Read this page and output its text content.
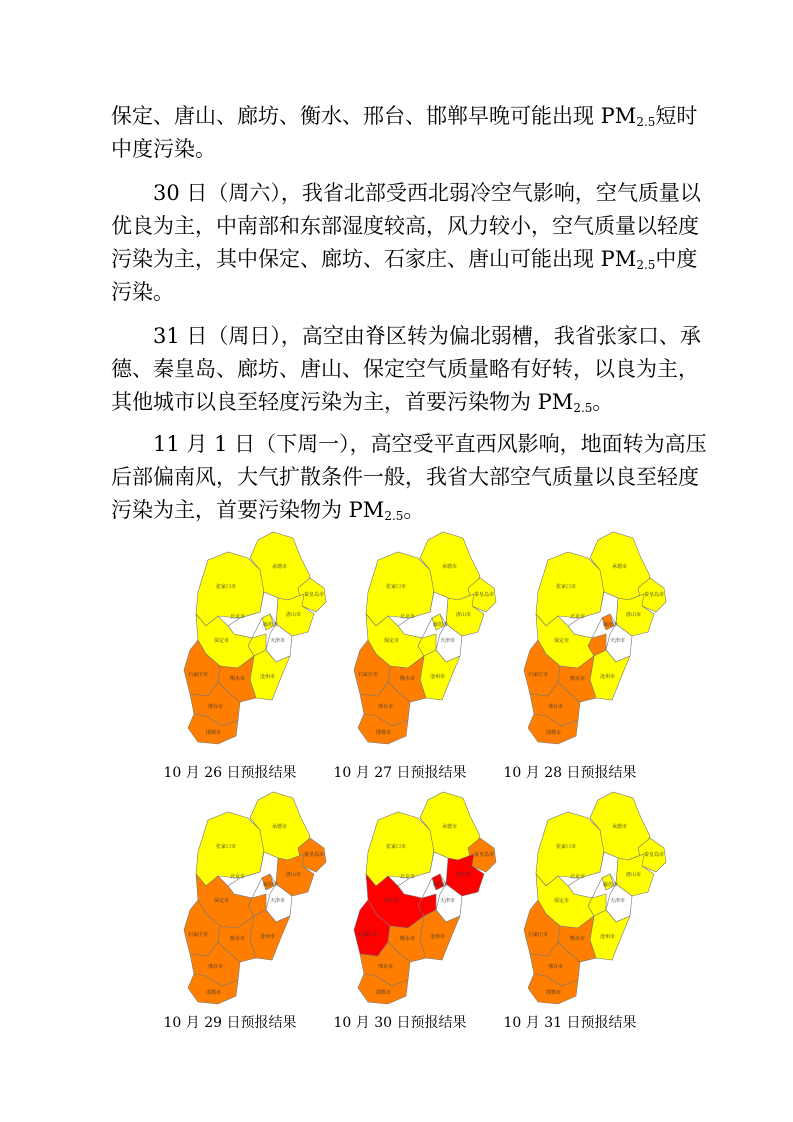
保定、唐山、廊坊、衡水、邢台、邯郸早晚可能出现 $PM_{2.5}$短时中度污染。

30 日（周六），我省北部受西北弱冷空气影响，空气质量以优良为主，中南部和东部湿度较高，风力较小，空气质量以轻度污染为主，其中保定、廊坊、石家庄、唐山可能出现 $PM_{2.5}$中度污染。

31 日（周日），高空由脊区转为偏北弱槽，我省张家口、承德、秦皇岛、廊坊、唐山、保定空气质量略有好转，以良为主，其他城市以良至轻度污染为主，首要污染物为 $PM_{2.5}$。

11 月 1 日（下周一），高空受平直西风影响，地面转为高压后部偏南风，大气扩散条件一般，我省大部空气质量以良至轻度污染为主，首要污染物为 $PM_{2.5}$。

张家口市
承德市
秦皇岛市
唐山市
廊坊市
北京市
天津市
保定市
沧州市
石家庄市
衡水市
邢台市
邯郸市
10 月 26 日预报结果
张家口市
承德市
秦皇岛市
唐山市
廊坊市
北京市
天津市
保定市
沧州市
石家庄市
衡水市
邢台市
邯郸市
10 月 27 日预报结果
张家口市
承德市
秦皇岛市
唐山市
廊坊市
北京市
天津市
保定市
沧州市
石家庄市
衡水市
邢台市
邯郸市
10 月 28 日预报结果
张家口市
承德市
秦皇岛市
唐山市
廊坊市
北京市
天津市
保定市
沧州市
石家庄市
衡水市
邢台市
邯郸市
10 月 29 日预报结果
张家口市
承德市
秦皇岛市
唐山市
廊坊市
北京市
天津市
保定市
沧州市
石家庄市
衡水市
邢台市
邯郸市
10 月 30 日预报结果
张家口市
承德市
秦皇岛市
唐山市
廊坊市
北京市
天津市
保定市
沧州市
石家庄市
衡水市
邢台市
邯郸市
10 月 31 日预报结果
